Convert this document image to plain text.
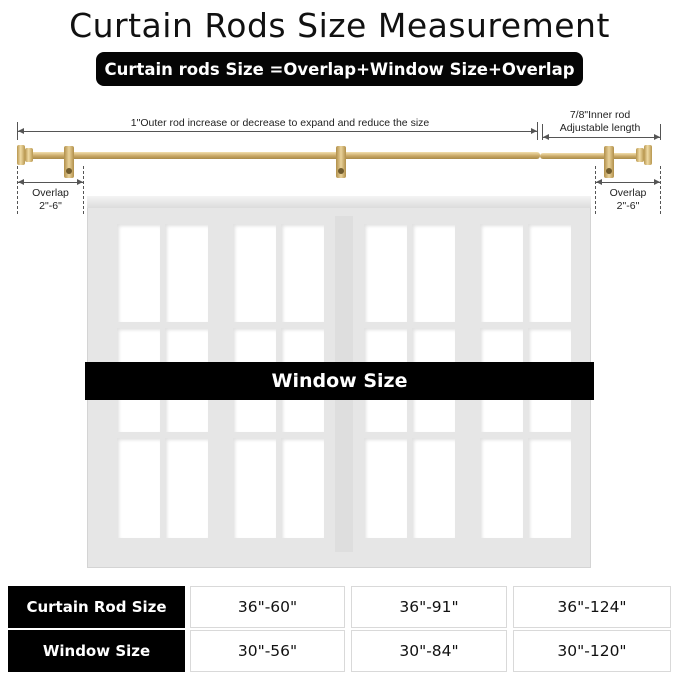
Curtain Rods Size Measurement
Curtain rods Size =Overlap+Window Size+Overlap
1"Outer rod increase or decrease to expand and reduce the size
7/8"Inner rod
Adjustable length
Overlap
2"-6"
Overlap
2"-6"
Window Size
Curtain Rod Size	36"-60"	36"-91"	36"-124"
Window Size	30"-56"	30"-84"	30"-120"
